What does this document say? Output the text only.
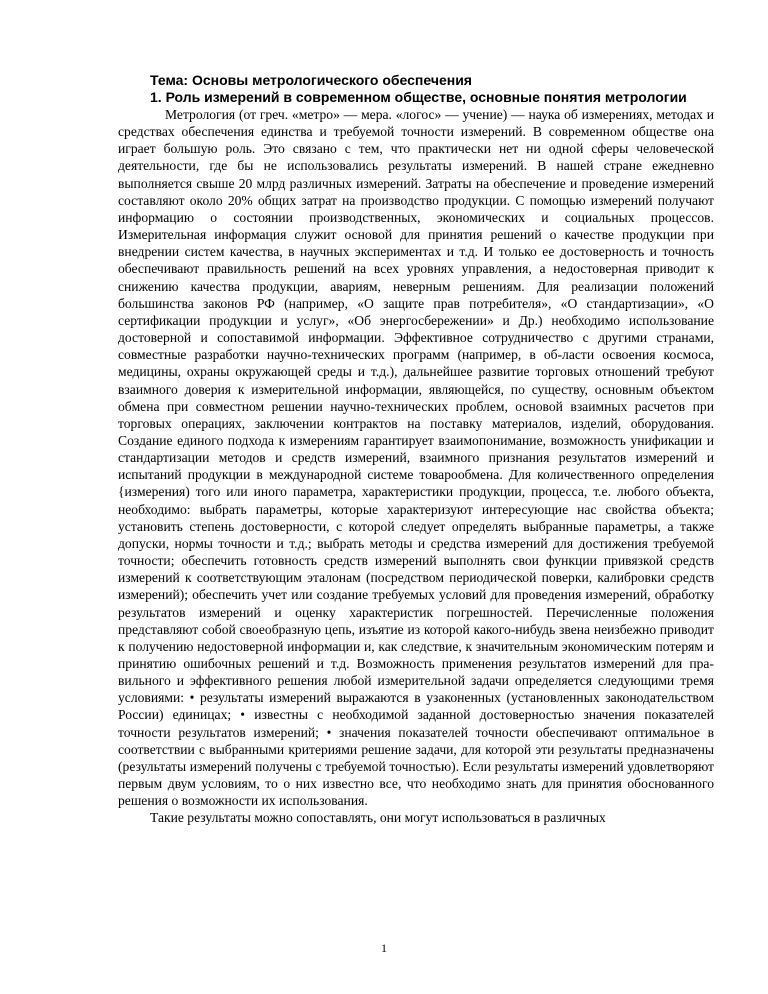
Тема: Основы метрологического обеспечения

1. Роль измерений в современном обществе, основные понятия метрологии

Метрология (от греч. «метро» — мера. «логос» — учение) — наука об измерениях, методах и средствах обеспечения единства и требуемой точности измерений. В современном обществе она играет большую роль. Это связано с тем, что практически нет ни одной сферы человеческой деятельности, где бы не использовались результаты измерений. В нашей стране ежедневно выполняется свыше 20 млрд различных измерений. Затраты на обеспечение и проведение измерений составляют около 20% общих затрат на производство продукции. С помощью измерений получают информацию о состоянии производственных, экономических и социальных процессов. Измерительная информация служит основой для принятия решений о качестве продукции при внедрении систем качества, в научных экспериментах и т.д. И только ее достоверность и точность обеспечивают правильность решений на всех уровнях управления, а недостоверная приводит к снижению качества продукции, авариям, неверным решениям. Для реализации положений большинства законов РФ (например, «О защите прав потребителя», «О стандартизации», «О сертификации продукции и услуг», «Об энергосбережении» и Др.) необходимо использование достоверной и сопоставимой информации. Эффективное сотрудничество с другими странами, совместные разработки научно-технических программ (например, в об-ласти освоения космоса, медицины, охраны окружающей среды и т.д.), дальнейшее развитие торговых отношений требуют взаимного доверия к измерительной информации, являющейся, по существу, основным объектом обмена при совместном решении научно-технических проблем, основой взаимных расчетов при торговых операциях, заключении контрактов на поставку материалов, изделий, оборудования. Создание единого подхода к измерениям гарантирует взаимопонимание, возможность унификации и стандартизации методов и средств измерений, взаимного признания результатов измерений и испытаний продукции в международной системе товарообмена. Для количественного определения {измерения) того или иного параметра, характеристики продукции, процесса, т.е. любого объекта, необходимо: выбрать параметры, которые характеризуют интересующие нас свойства объекта; установить степень достоверности, с которой следует определять выбранные параметры, а также допуски, нормы точности и т.д.; выбрать методы и средства измерений для достижения требуемой точности; обеспечить готовность средств измерений выполнять свои функции привязкой средств измерений к соответствующим эталонам (посредством периодической поверки, калибровки средств измерений); обеспечить учет или создание требуемых условий для проведения измерений, обработку результатов измерений и оценку характеристик погрешностей. Перечисленные положения представляют собой своеобразную цепь, изъятие из которой какого-нибудь звена неизбежно приводит к получению недостоверной информации и, как следствие, к значительным экономическим потерям и принятию ошибочных решений и т.д. Возможность применения результатов измерений для пра-вильного и эффективного решения любой измерительной задачи определяется следующими тремя условиями: • результаты измерений выражаются в узаконенных (установленных законодательством России) единицах; • известны с необходимой заданной достоверностью значения показателей точности результатов измерений; • значения показателей точности обеспечивают оптимальное в соответствии с выбранными критериями решение задачи, для которой эти результаты предназначены (результаты измерений получены с требуемой точностью). Если результаты измерений удовлетворяют первым двум условиям, то о них известно все, что необходимо знать для принятия обоснованного решения о возможности их использования.

Такие результаты можно сопоставлять, они могут использоваться в различных

1
